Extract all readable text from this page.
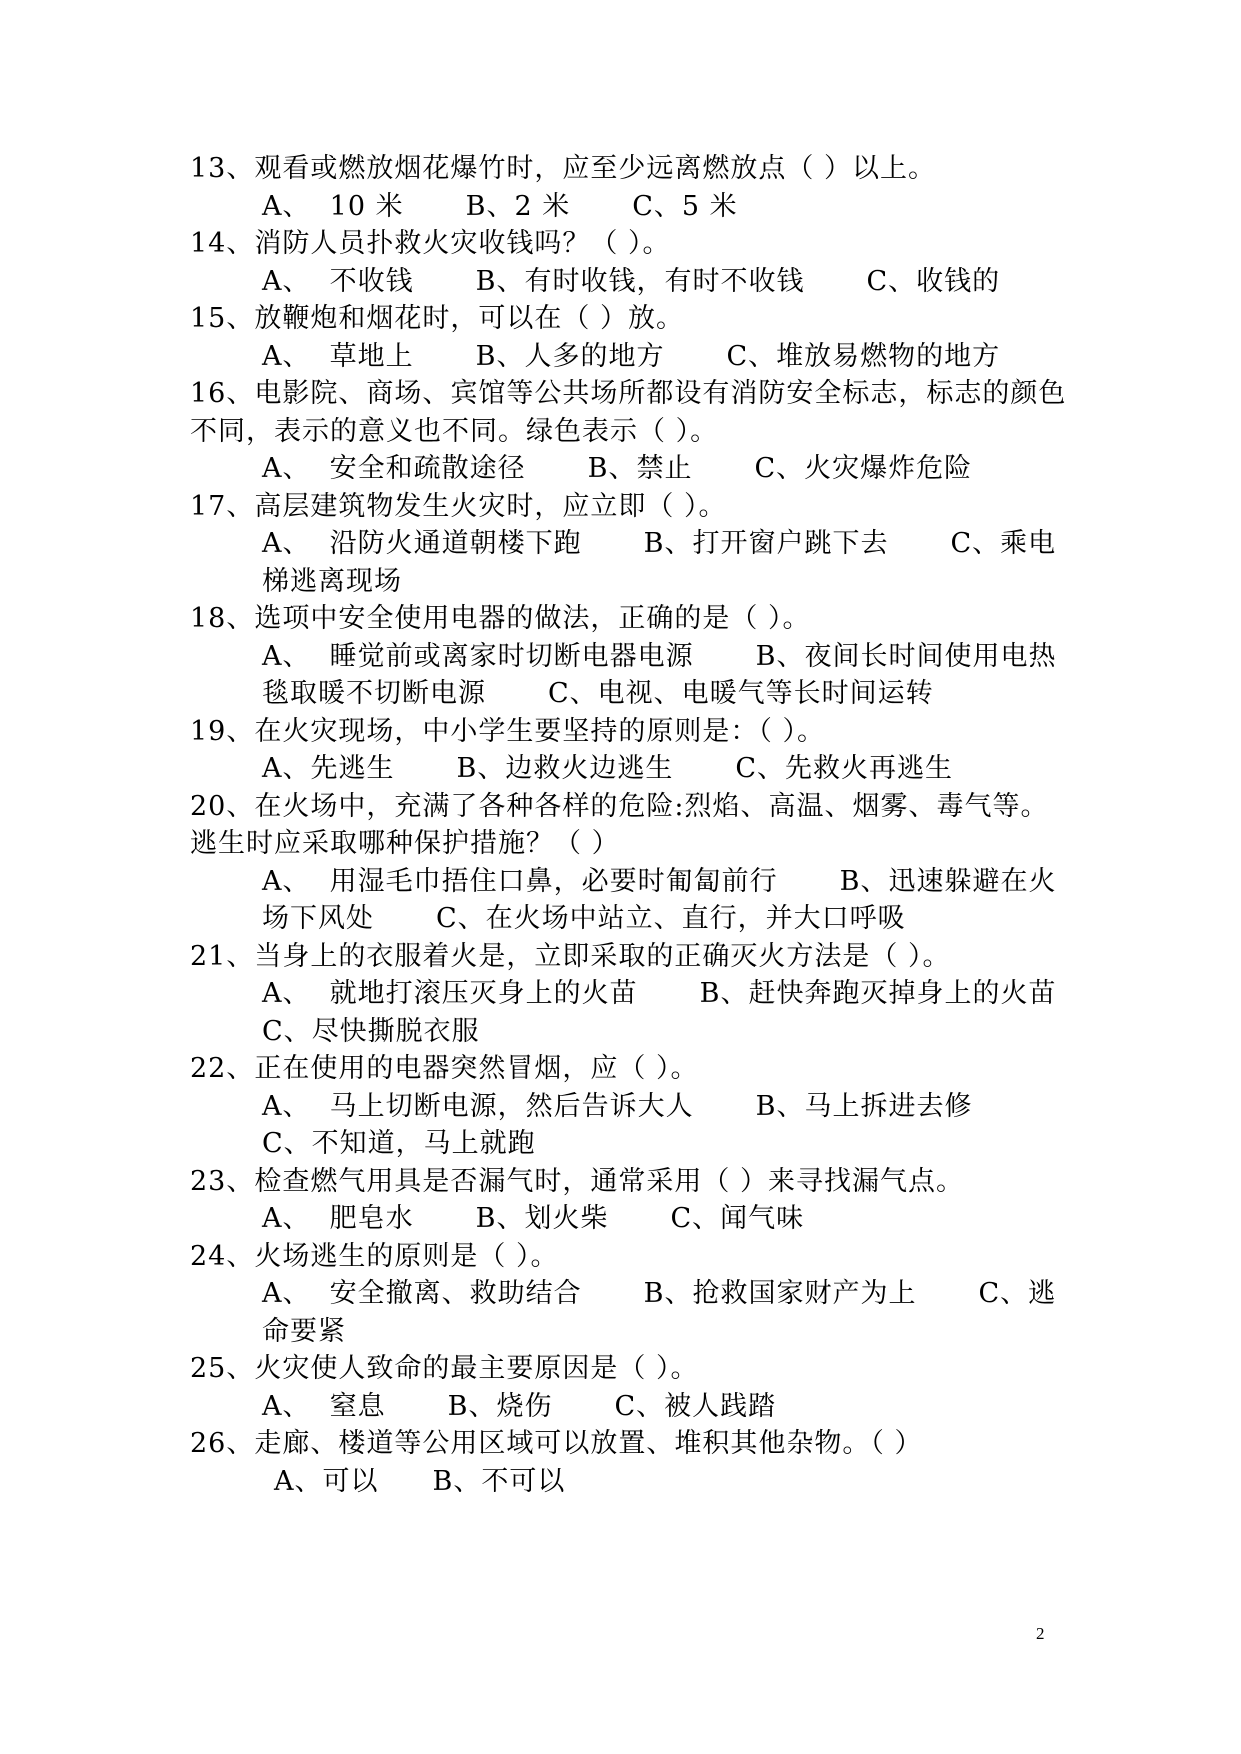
13、观看或燃放烟花爆竹时，应至少远离燃放点（ ）以上。
A、  10 米 B、2 米 C、5 米
14、消防人员扑救火灾收钱吗？（ ）。
A、  不收钱 B、有时收钱，有时不收钱 C、收钱的
15、放鞭炮和烟花时，可以在（ ）放。
A、  草地上 B、人多的地方 C、堆放易燃物的地方
16、电影院、商场、宾馆等公共场所都设有消防安全标志，标志的颜色不同，表示的意义也不同。绿色表示（ ）。
A、  安全和疏散途径 B、禁止 C、火灾爆炸危险
17、高层建筑物发生火灾时，应立即（ ）。
A、  沿防火通道朝楼下跑 B、打开窗户跳下去 C、乘电梯逃离现场
18、选项中安全使用电器的做法，正确的是（ ）。
A、  睡觉前或离家时切断电器电源 B、夜间长时间使用电热毯取暖不切断电源 C、电视、电暖气等长时间运转
19、在火灾现场，中小学生要坚持的原则是：（ ）。
A、先逃生 B、边救火边逃生 C、先救火再逃生
20、在火场中，充满了各种各样的危险:烈焰、高温、烟雾、毒气等。逃生时应采取哪种保护措施？（ ）
A、  用湿毛巾捂住口鼻，必要时匍匐前行 B、迅速躲避在火场下风处 C、在火场中站立、直行，并大口呼吸
21、当身上的衣服着火是，立即采取的正确灭火方法是（ ）。
A、  就地打滚压灭身上的火苗 B、赶快奔跑灭掉身上的火苗
C、尽快撕脱衣服
22、正在使用的电器突然冒烟，应（ ）。
A、  马上切断电源，然后告诉大人 B、马上拆进去修
C、不知道，马上就跑
23、检查燃气用具是否漏气时，通常采用（ ）来寻找漏气点。
A、  肥皂水 B、划火柴 C、闻气味
24、火场逃生的原则是（ ）。
A、  安全撤离、救助结合 B、抢救国家财产为上 C、逃命要紧
25、火灾使人致命的最主要原因是（ ）。
A、  窒息 B、烧伤 C、被人践踏
26、走廊、楼道等公用区域可以放置、堆积其他杂物。（ ）
A、可以 B、不可以
2
